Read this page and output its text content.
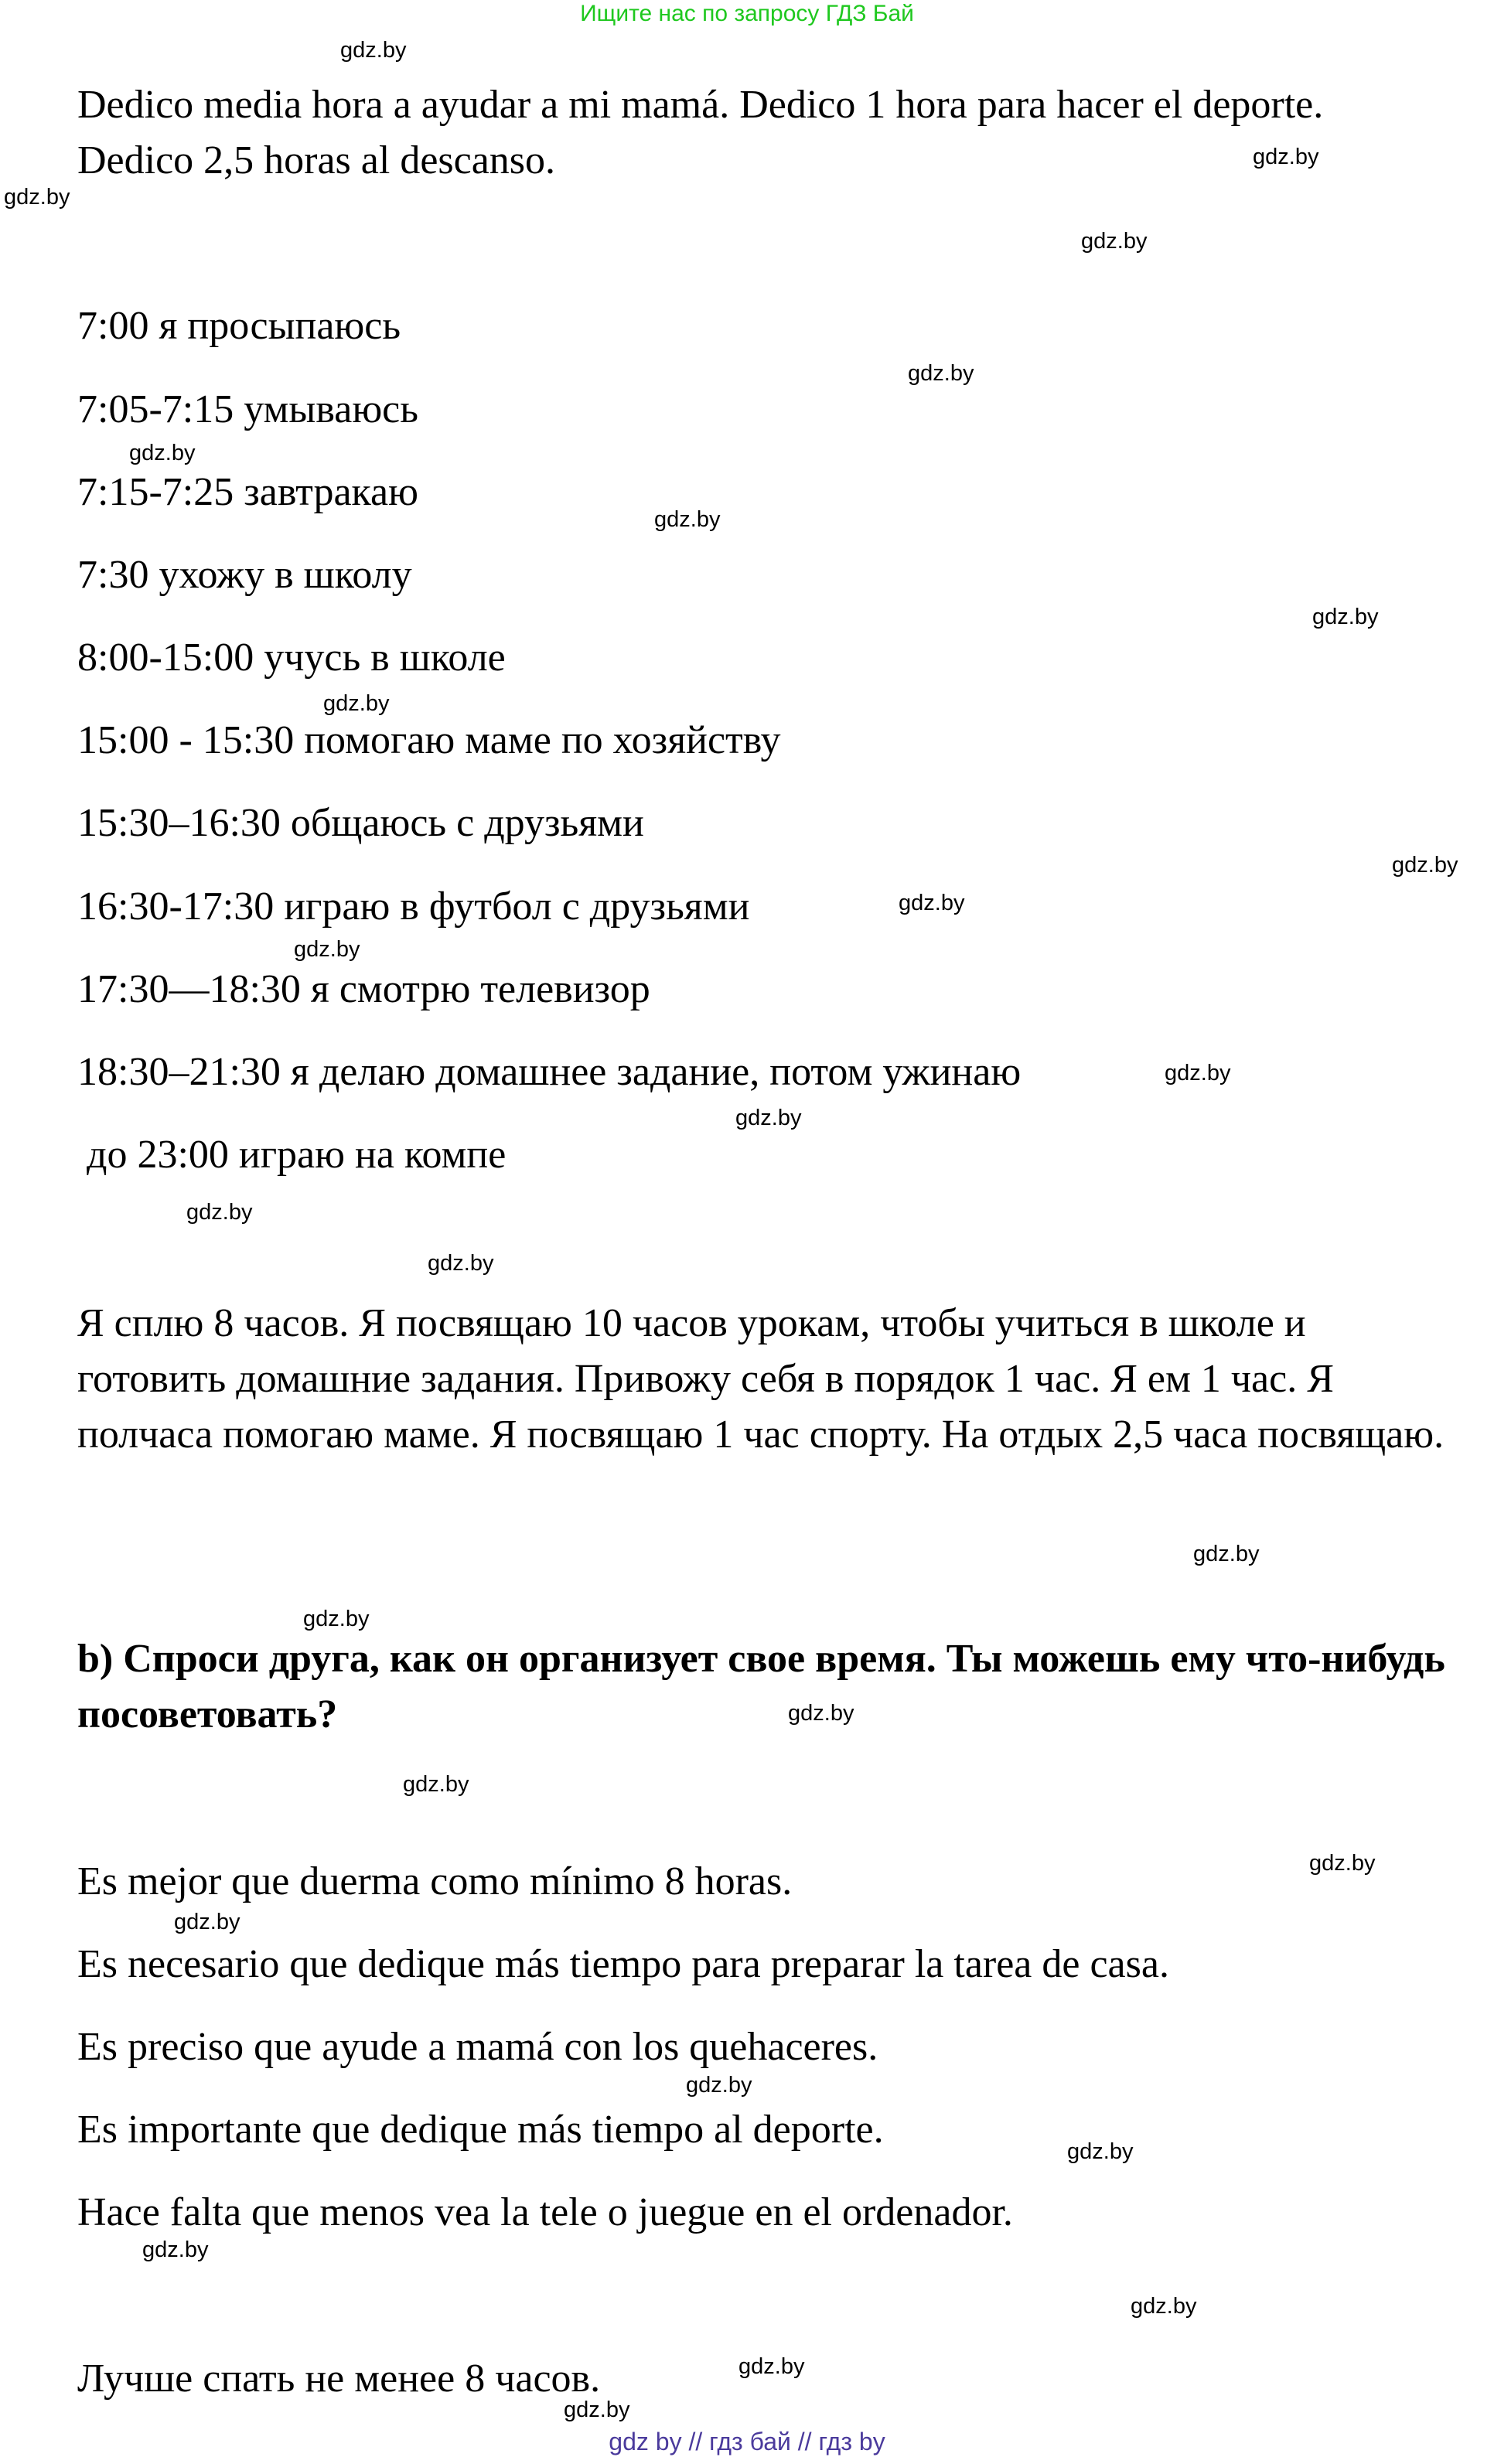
Ищите нас по запросу ГДЗ Бай

Dedico media hora a ayudar a mi mamá. Dedico 1 hora para hacer el deporte. Dedico 2,5 horas al descanso.

7:00 я просыпаюсь
7:05-7:15 умываюсь
7:15-7:25 завтракаю
7:30 ухожу в школу
8:00-15:00 учусь в школе
15:00 - 15:30 помогаю маме по хозяйству
15:30–16:30 общаюсь с друзьями
16:30-17:30 играю в футбол с друзьями
17:30—18:30 я смотрю телевизор
18:30–21:30 я делаю домашнее задание, потом ужинаю
до 23:00 играю на компе

Я сплю 8 часов. Я посвящаю 10 часов урокам, чтобы учиться в школе и готовить домашние задания. Привожу себя в порядок 1 час. Я ем 1 час. Я полчаса помогаю маме. Я посвящаю 1 час спорту. На отдых 2,5 часа посвящаю.

b) Спроси друга, как он организует свое время. Ты можешь ему что-нибудь посоветовать?

Es mejor que duerma como mínimo 8 horas.
Es necesario que dedique más tiempo para preparar la tarea de casa.
Es preciso que ayude a mamá con los quehaceres.
Es importante que dedique más tiempo al deporte.
Hace falta que menos vea la tele o juegue en el ordenador.
Лучше спать не менее 8 часов.
gdz.by
gdz.by
gdz.by
gdz.by
gdz.by
gdz.by
gdz.by
gdz.by
gdz.by
gdz.by
gdz.by
gdz.by
gdz.by
gdz.by
gdz.by
gdz.by
gdz.by
gdz.by
gdz.by
gdz.by
gdz.by
gdz.by
gdz.by
gdz.by
gdz.by
gdz.by
gdz.by
gdz.by
gdz by // гдз бай // гдз by
